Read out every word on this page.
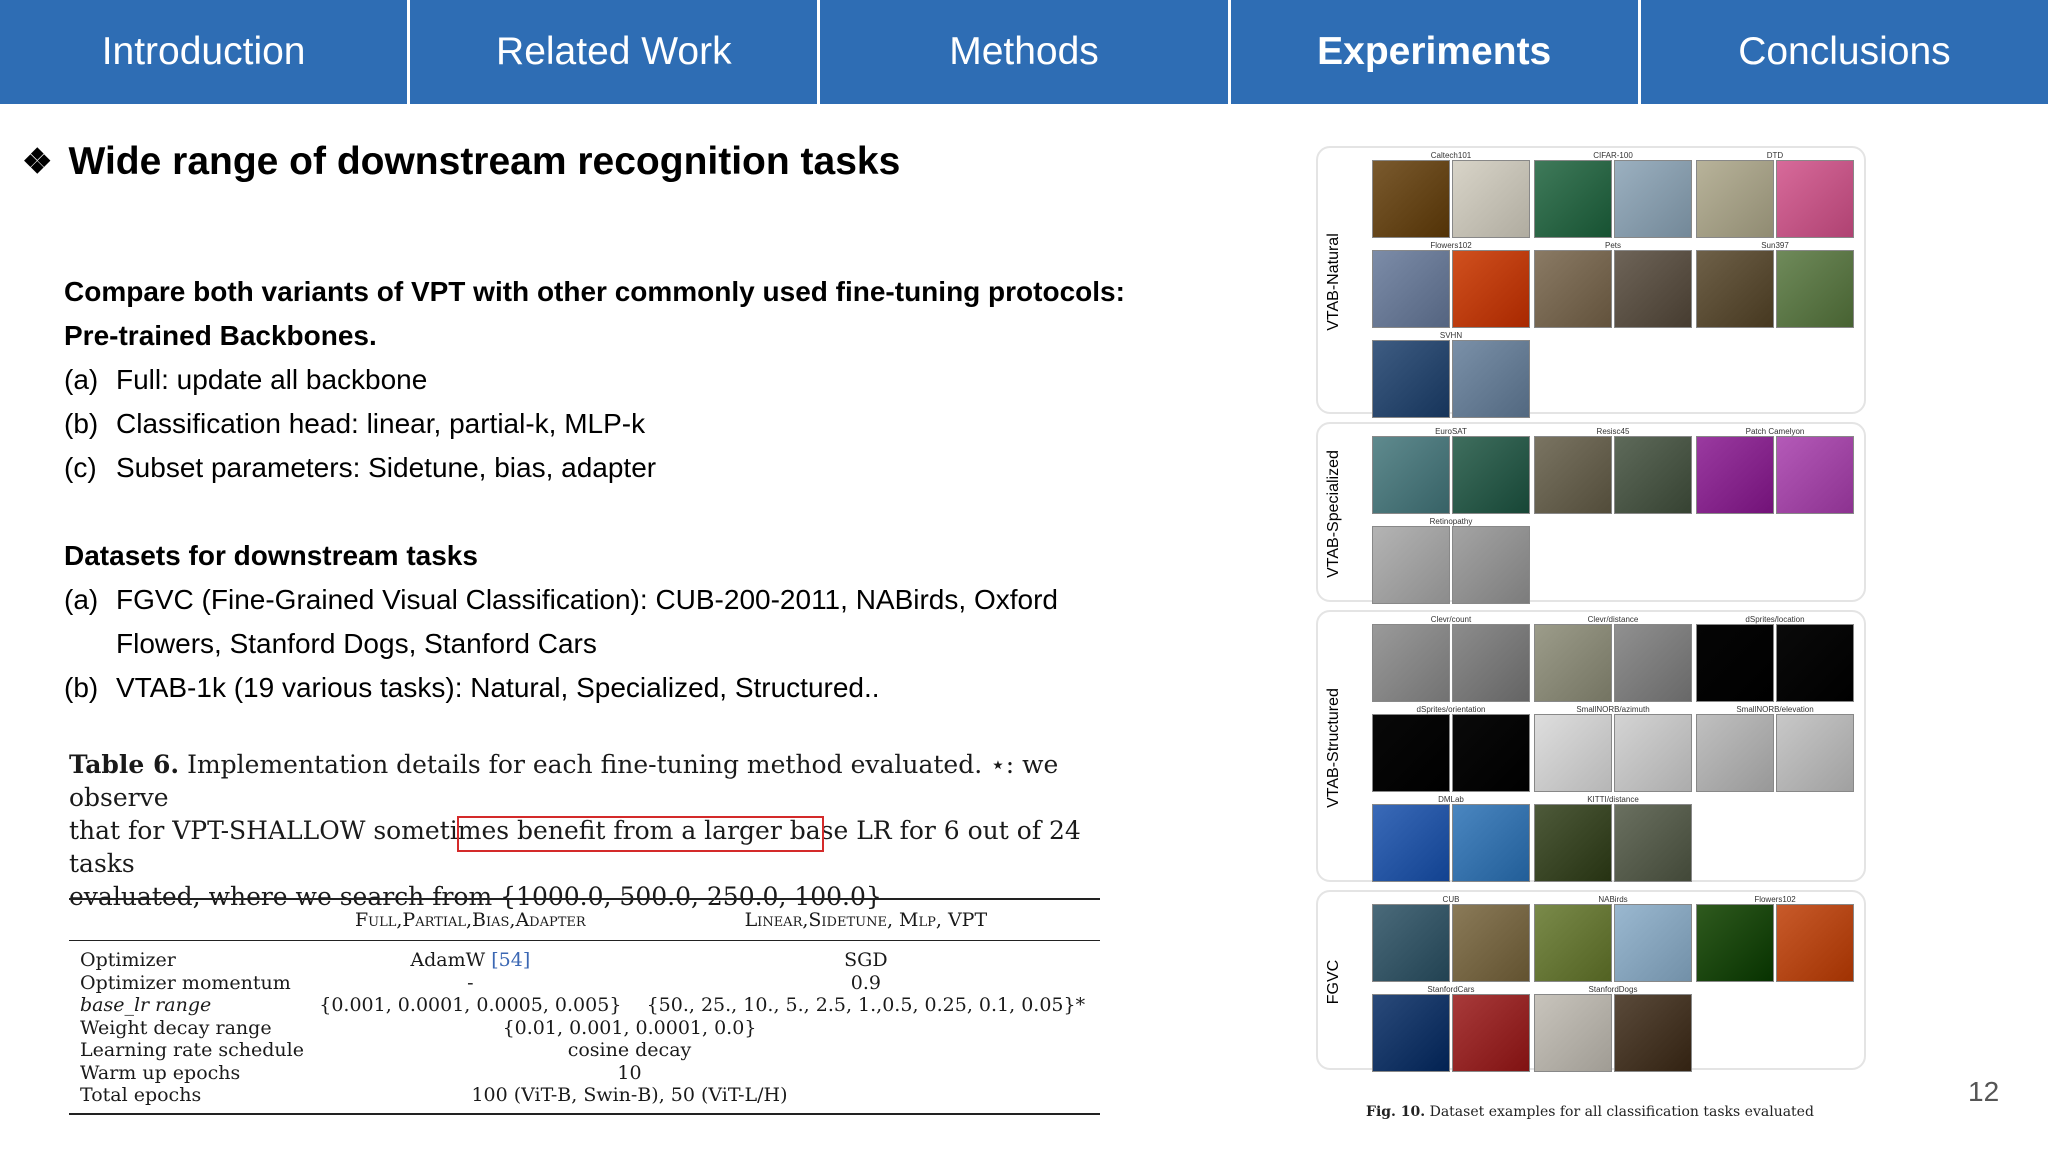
Introduction	Related Work	Methods	Experiments	Conclusions
❖ Wide range of downstream recognition tasks
Compare both variants of VPT with other commonly used fine-tuning protocols:
Pre-trained Backbones.
(a) Full: update all backbone
(b) Classification head: linear, partial-k, MLP-k
(c) Subset parameters: Sidetune, bias, adapter
Datasets for downstream tasks
(a) FGVC (Fine-Grained Visual Classification): CUB-200-2011, NABirds, Oxford
Flowers, Stanford Dogs, Stanford Cars
(b) VTAB-1k (19 various tasks): Natural, Specialized, Structured..
Table 6. Implementation details for each fine-tuning method evaluated. ⋆: we observe
that for VPT-SHALLOW sometimes benefit from a larger base LR for 6 out of 24 tasks
evaluated, where we search from {1000.0, 500.0, 250.0, 100.0}
	Full,Partial,Bias,Adapter	Linear,Sidetune, Mlp, VPT
Optimizer	AdamW [54]	SGD
Optimizer momentum	-	0.9
base_lr range	{0.001, 0.0001, 0.0005, 0.005}	{50., 25., 10., 5., 2.5, 1.,0.5, 0.25, 0.1, 0.05}*
Weight decay range	{0.01, 0.001, 0.0001, 0.0}	
Learning rate schedule	cosine decay	
Warm up epochs	10	
Total epochs	100 (ViT-B, Swin-B), 50 (ViT-L/H)	
VTAB-Natural
Caltech101	CIFAR-100	DTD
Flowers102	Pets	Sun397
SVHN
VTAB-Specialized
EuroSAT	Resisc45	Patch Camelyon
Retinopathy
VTAB-Structured
Clevr/count	Clevr/distance	dSprites/location
dSprites/orientation	SmallNORB/azimuth	SmallNORB/elevation
DMLab	KITTI/distance
FGVC
CUB	NABirds	Flowers102
StanfordCars	StanfordDogs
Fig. 10. Dataset examples for all classification tasks evaluated
12
